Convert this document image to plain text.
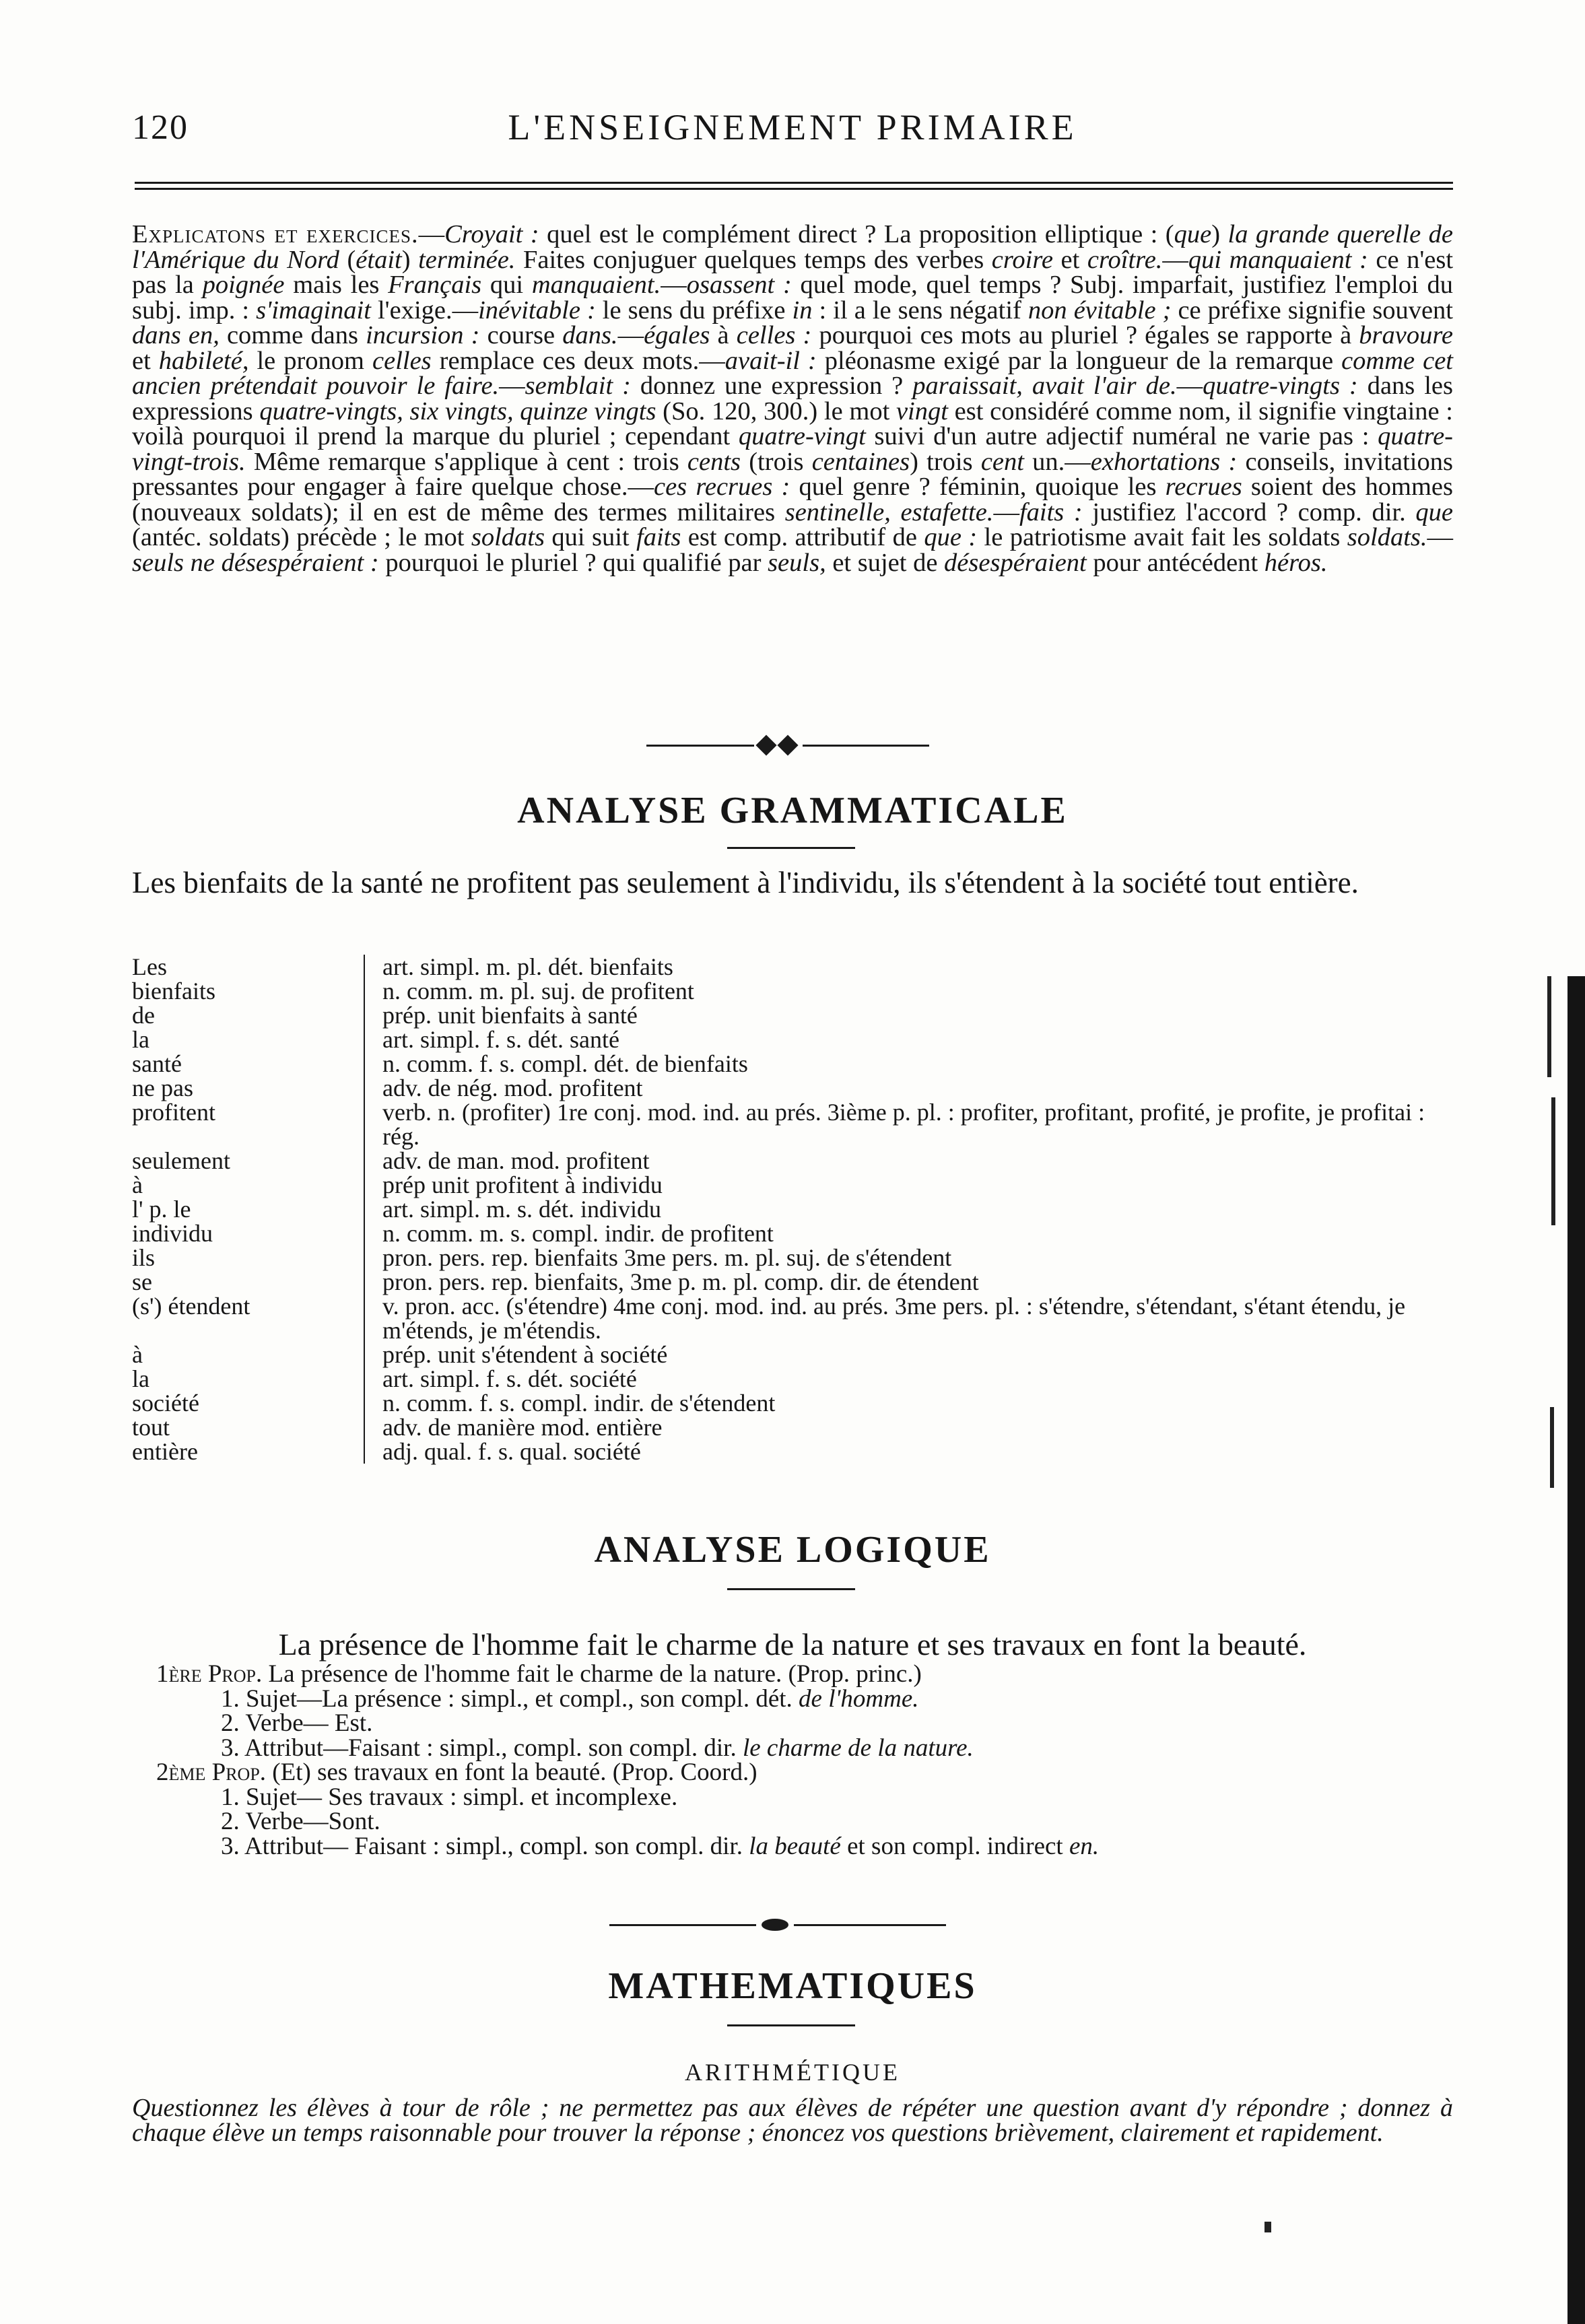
120	L'ENSEIGNEMENT PRIMAIRE
Explicatons et exercices.—Croyait : quel est le complément direct ? La proposition elliptique : (que) la grande querelle de l'Amérique du Nord (était) terminée. Faites conjuguer quelques temps des verbes croire et croître.—qui manquaient : ce n'est pas la poignée mais les Français qui manquaient.—osassent : quel mode, quel temps ? Subj. imparfait, justifiez l'emploi du subj. imp. : s'imaginait l'exige.—inévitable : le sens du préfixe in : il a le sens négatif non évitable ; ce préfixe signifie souvent dans en, comme dans incursion : course dans.—égales à celles : pourquoi ces mots au pluriel ? égales se rapporte à bravoure et habileté, le pronom celles remplace ces deux mots.—avait-il : pléonasme exigé par la longueur de la remarque comme cet ancien prétendait pouvoir le faire.—semblait : donnez une expression ? paraissait, avait l'air de.—quatre-vingts : dans les expressions quatre-vingts, six vingts, quinze vingts (So. 120, 300.) le mot vingt est considéré comme nom, il signifie vingtaine : voilà pourquoi il prend la marque du pluriel ; cependant quatre-vingt suivi d'un autre adjectif numéral ne varie pas : quatre-vingt-trois. Même remarque s'applique à cent : trois cents (trois centaines) trois cent un.—exhortations : conseils, invitations pressantes pour engager à faire quelque chose.—ces recrues : quel genre ? féminin, quoique les recrues soient des hommes (nouveaux soldats); il en est de même des termes militaires sentinelle, estafette.—faits : justifiez l'accord ? comp. dir. que (antéc. soldats) précède ; le mot soldats qui suit faits est comp. attributif de que : le patriotisme avait fait les soldats soldats.—seuls ne désespéraient : pourquoi le pluriel ? qui qualifié par seuls, et sujet de désespéraient pour antécédent héros.
ANALYSE GRAMMATICALE
Les bienfaits de la santé ne profitent pas seulement à l'individu, ils s'étendent à la société tout entière.
Les	art. simpl. m. pl. dét. bienfaits
bienfaits	n. comm. m. pl. suj. de profitent
de	prép. unit bienfaits à santé
la	art. simpl. f. s. dét. santé
santé	n. comm. f. s. compl. dét. de bienfaits
ne pas	adv. de nég. mod. profitent
profitent	verb. n. (profiter) 1re conj. mod. ind. au prés. 3ième p. pl. : profiter, profitant, profité, je profite, je profitai : rég.
seulement	adv. de man. mod. profitent
à	prép unit profitent à individu
l' p. le	art. simpl. m. s. dét. individu
individu	n. comm. m. s. compl. indir. de profitent
ils	pron. pers. rep. bienfaits 3me pers. m. pl. suj. de s'étendent
se	pron. pers. rep. bienfaits, 3me p. m. pl. comp. dir. de étendent
(s') étendent	v. pron. acc. (s'étendre) 4me conj. mod. ind. au prés. 3me pers. pl. : s'étendre, s'étendant, s'étant étendu, je m'étends, je m'étendis.
à	prép. unit s'étendent à société
la	art. simpl. f. s. dét. société
société	n. comm. f. s. compl. indir. de s'étendent
tout	adv. de manière mod. entière
entière	adj. qual. f. s. qual. société
ANALYSE LOGIQUE
La présence de l'homme fait le charme de la nature et ses travaux en font la beauté.
1ère Prop. La présence de l'homme fait le charme de la nature. (Prop. princ.)
1. Sujet—La présence : simpl., et compl., son compl. dét. de l'homme.
2. Verbe— Est.
3. Attribut—Faisant : simpl., compl. son compl. dir. le charme de la nature.
2ème Prop. (Et) ses travaux en font la beauté. (Prop. Coord.)
1. Sujet— Ses travaux : simpl. et incomplexe.
2. Verbe—Sont.
3. Attribut— Faisant : simpl., compl. son compl. dir. la beauté et son compl. indirect en.
MATHEMATIQUES
ARITHMÉTIQUE
Questionnez les élèves à tour de rôle ; ne permettez pas aux élèves de répéter une question avant d'y répondre ; donnez à chaque élève un temps raisonnable pour trouver la réponse ; énoncez vos questions brièvement, clairement et rapidement.
